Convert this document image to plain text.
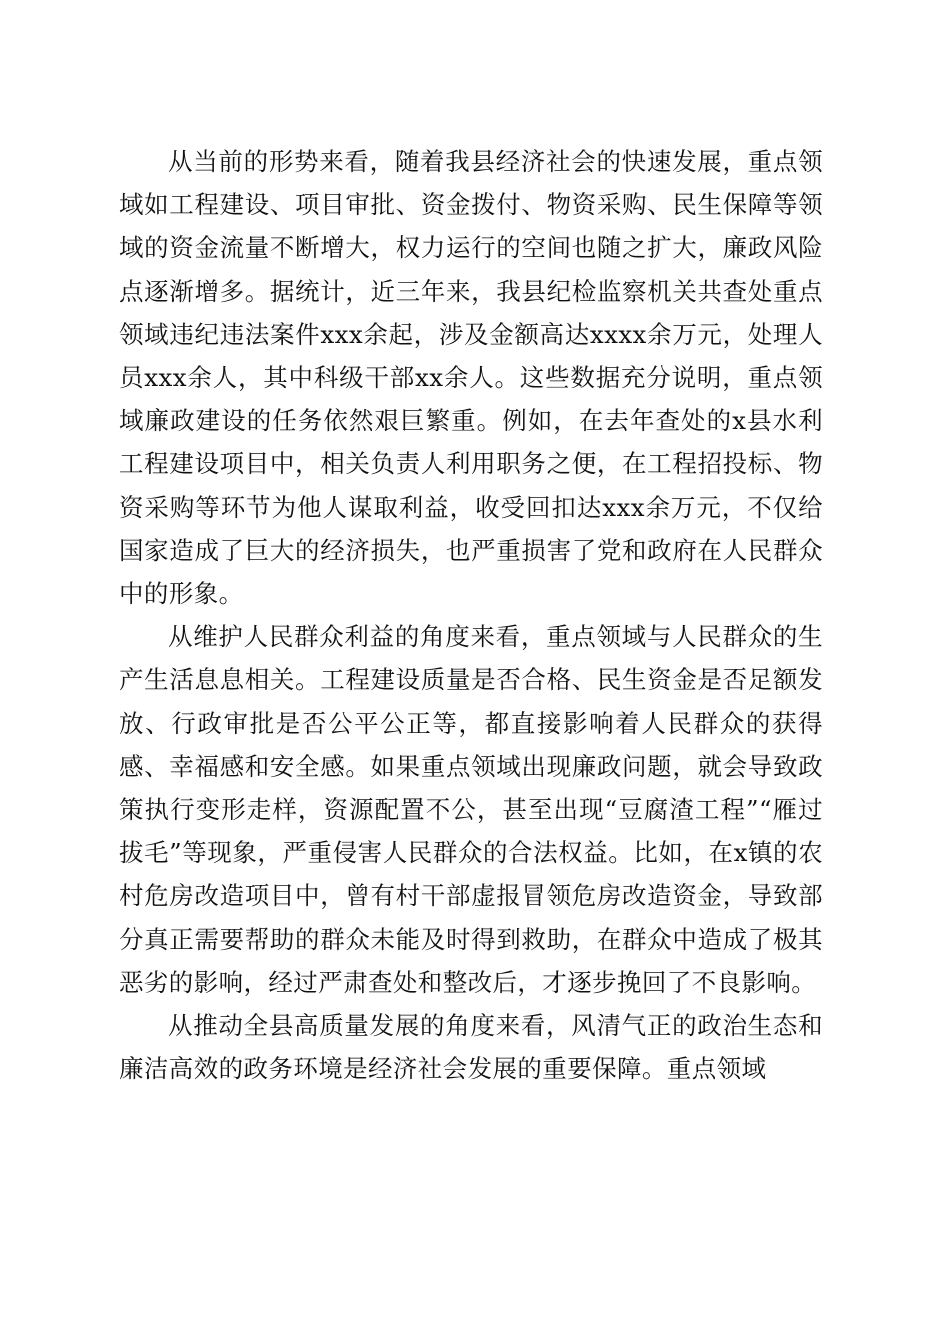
从当前的形势来看，随着我县经济社会的快速发展，重点领域如工程建设、项目审批、资金拨付、物资采购、民生保障等领域的资金流量不断增大，权力运行的空间也随之扩大，廉政风险点逐渐增多。据统计，近三年来，我县纪检监察机关共查处重点领域违纪违法案件xxx余起，涉及金额高达xxxx余万元，处理人员xxx余人，其中科级干部xx余人。这些数据充分说明，重点领域廉政建设的任务依然艰巨繁重。例如，在去年查处的x县水利工程建设项目中，相关负责人利用职务之便，在工程招投标、物资采购等环节为他人谋取利益，收受回扣达xxx余万元，不仅给国家造成了巨大的经济损失，也严重损害了党和政府在人民群众中的形象。

从维护人民群众利益的角度来看，重点领域与人民群众的生产生活息息相关。工程建设质量是否合格、民生资金是否足额发放、行政审批是否公平公正等，都直接影响着人民群众的获得感、幸福感和安全感。如果重点领域出现廉政问题，就会导致政策执行变形走样，资源配置不公，甚至出现“豆腐渣工程”“雁过拔毛”等现象，严重侵害人民群众的合法权益。比如，在x镇的农村危房改造项目中，曾有村干部虚报冒领危房改造资金，导致部分真正需要帮助的群众未能及时得到救助，在群众中造成了极其恶劣的影响，经过严肃查处和整改后，才逐步挽回了不良影响。

从推动全县高质量发展的角度来看，风清气正的政治生态和廉洁高效的政务环境是经济社会发展的重要保障。重点领域
